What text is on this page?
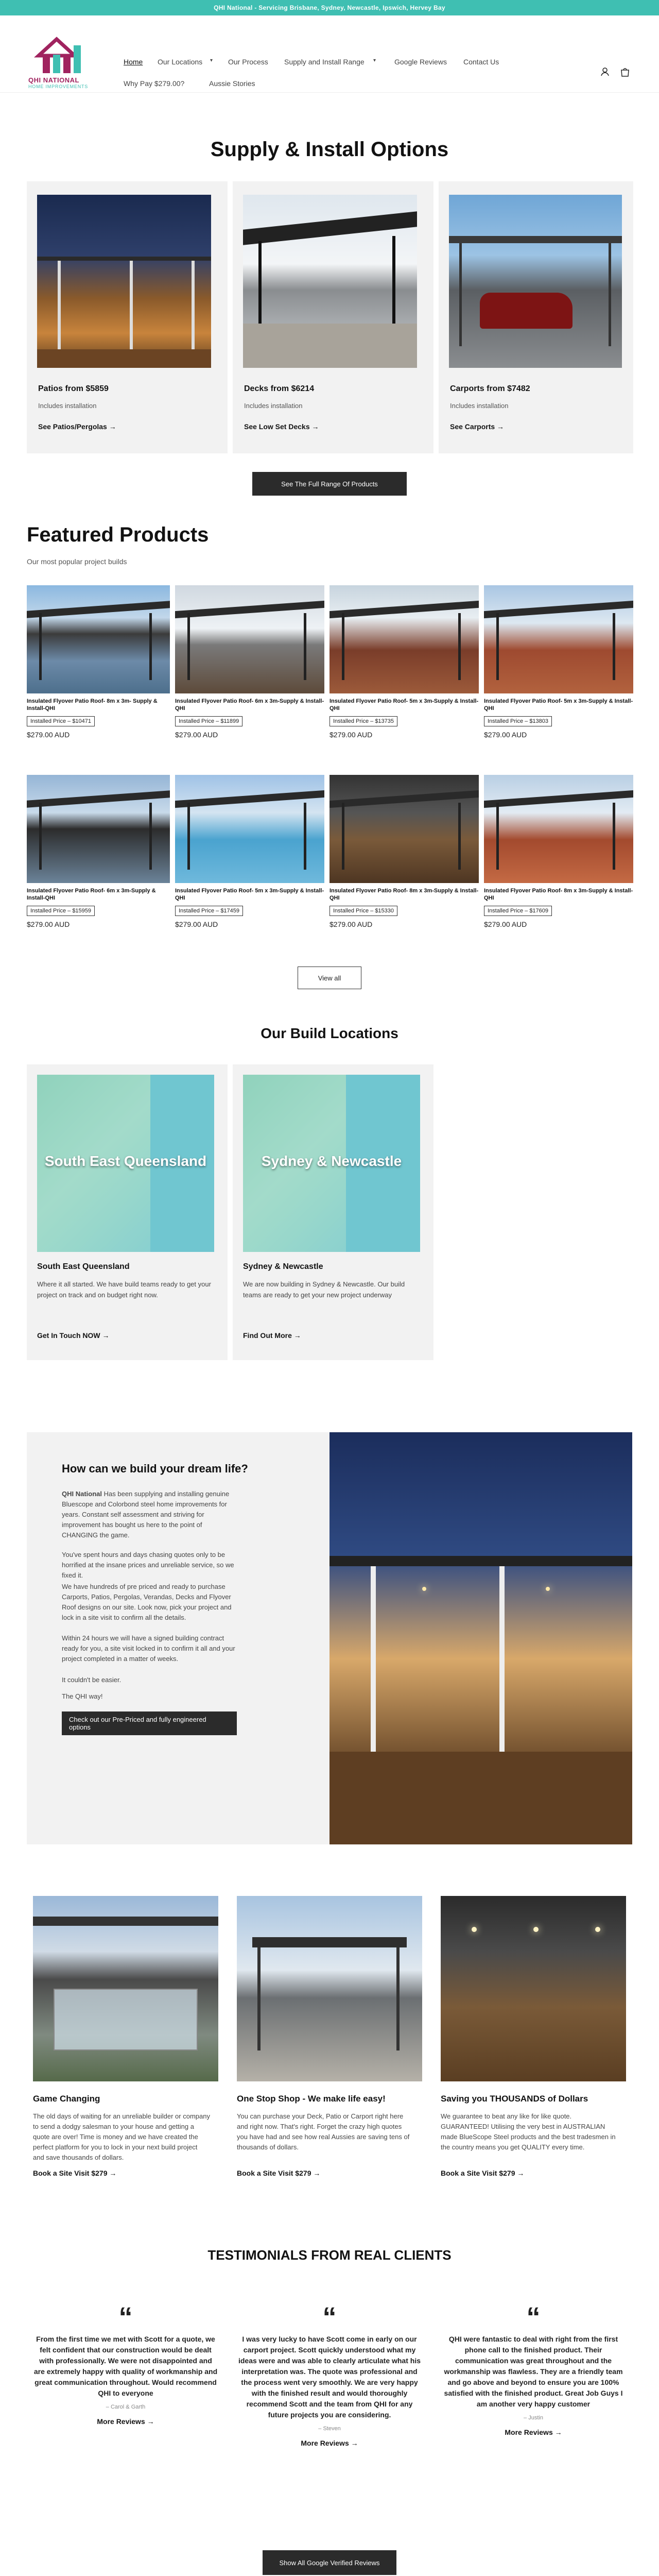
QHI National - Servicing Brisbane, Sydney, Newcastle, Ipswich, Hervey Bay
QHI NATIONAL
HOME IMPROVEMENTS
Home Our Locations ▾ Our Process Supply and Install Range ▾	Google Reviews Contact Us
Why Pay $279.00?	Aussie Stories
Supply & Install Options
Patios from $5859
Includes installation
See Patios/Pergolas →
Decks from $6214
Includes installation
See Low Set Decks →
Carports from $7482
Includes installation
See Carports →
See The Full Range Of Products
Featured Products
Our most popular project builds
Insulated Flyover Patio Roof- 8m x 3m- Supply & Install-QHI
Installed Price – $10471
$279.00 AUD
Insulated Flyover Patio Roof- 6m x 3m-Supply & Install-QHI
Installed Price – $11899
$279.00 AUD
Insulated Flyover Patio Roof- 5m x 3m-Supply & Install-QHI
Installed Price – $13735
$279.00 AUD
Insulated Flyover Patio Roof- 5m x 3m-Supply & Install-QHI
Installed Price – $13803
$279.00 AUD
Insulated Flyover Patio Roof- 6m x 3m-Supply & Install-QHI
Installed Price – $15959
$279.00 AUD
Insulated Flyover Patio Roof- 5m x 3m-Supply & Install-QHI
Installed Price – $17459
$279.00 AUD
Insulated Flyover Patio Roof- 8m x 3m-Supply & Install-QHI
Installed Price – $15330
$279.00 AUD
Insulated Flyover Patio Roof- 8m x 3m-Supply & Install-QHI
Installed Price – $17609
$279.00 AUD
View all
Our Build Locations
South East Queensland
South East Queensland
Where it all started. We have build teams ready to get your project on track and on budget right now.
Get In Touch NOW →
Sydney & Newcastle
Sydney & Newcastle
We are now building in Sydney & Newcastle. Our build teams are ready to get your new project underway
Find Out More →
How can we build your dream life?
QHI National Has been supplying and installing genuine Bluescope and Colorbond steel home improvements for years. Constant self assessment and striving for improvement has bought us here to the point of CHANGING the game.
You've spent hours and days chasing quotes only to be horrified at the insane prices and unreliable service, so we fixed it.
We have hundreds of pre priced and ready to purchase Carports, Patios, Pergolas, Verandas, Decks and Flyover Roof designs on our site. Look now, pick your project and lock in a site visit to confirm all the details.
Within 24 hours we will have a signed building contract ready for you, a site visit locked in to confirm it all and your project completed in a matter of weeks.
It couldn't be easier.
The QHI way!
Check out our Pre-Priced and fully engineered options
Game Changing
The old days of waiting for an unreliable builder or company to send a dodgy salesman to your house and getting a quote are over! Time is money and we have created the perfect platform for you to lock in your next build project and save thousands of dollars.
Book a Site Visit $279 →
One Stop Shop - We make life easy!
You can purchase your Deck, Patio or Carport right here and right now. That's right. Forget the crazy high quotes you have had and see how real Aussies are saving tens of thousands of dollars.
Book a Site Visit $279 →
Saving you THOUSANDS of Dollars
We guarantee to beat any like for like quote. GUARANTEED! Utilising the very best in AUSTRALIAN made BlueScope Steel products and the best tradesmen in the country means you get QUALITY every time.
Book a Site Visit $279 →
TESTIMONIALS FROM REAL CLIENTS
“
From the first time we met with Scott for a quote, we felt confident that our construction would be dealt with professionally. We were not disappointed and are extremely happy with quality of workmanship and great communication throughout. Would recommend QHI to everyone
– Carol & Garth
More Reviews →
“
I was very lucky to have Scott come in early on our carport project. Scott quickly understood what my ideas were and was able to clearly articulate what his interpretation was. The quote was professional and the process went very smoothly. We are very happy with the finished result and would thoroughly recommend Scott and the team from QHI for any future projects you are considering.
– Steven
More Reviews →
“
QHI were fantastic to deal with right from the first phone call to the finished product. Their communication was great throughout and the workmanship was flawless. They are a friendly team and go above and beyond to ensure you are 100% satisfied with the finished product. Great Job Guys I am another very happy customer
– Justin
More Reviews →
Show All Google Verified Reviews
